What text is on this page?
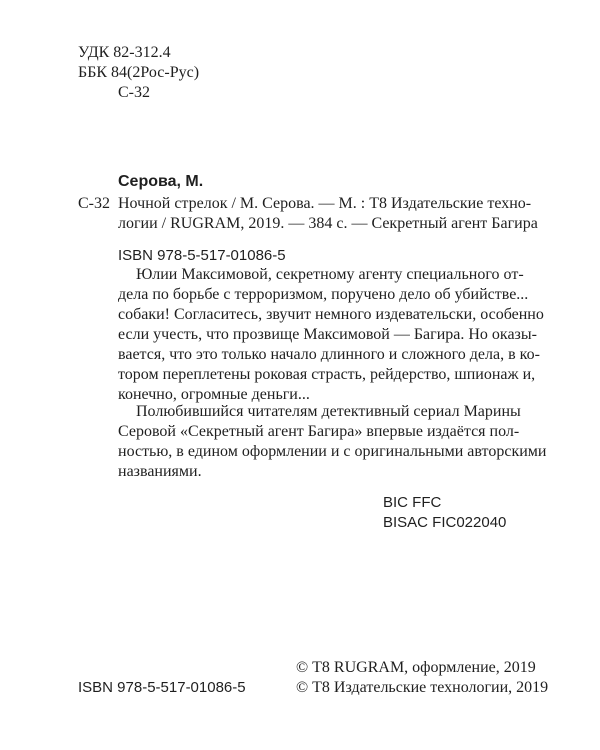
УДК 82-312.4
ББК 84(2Рос-Рус)
С-32
Серова, М.
С-32 Ночной стрелок / М. Серова. — М. : Т8 Издательские техно-
логии / RUGRAM, 2019. — 384 с. — Секретный агент Багира
ISBN 978-5-517-01086-5
Юлии Максимовой, секретному агенту специального от-
дела по борьбе с терроризмом, поручено дело об убийстве...
собаки! Согласитесь, звучит немного издевательски, особенно
если учесть, что прозвище Максимовой — Багира. Но оказы-
вается, что это только начало длинного и сложного дела, в ко-
тором переплетены роковая страсть, рейдерство, шпионаж и,
конечно, огромные деньги...
Полюбившийся читателям детективный сериал Марины
Серовой «Секретный агент Багира» впервые издаётся пол-
ностью, в едином оформлении и с оригинальными авторскими
названиями.
BIC FFC
BISAC FIC022040
ISBN 978-5-517-01086-5
© Т8 RUGRAM, оформление, 2019
© Т8 Издательские технологии, 2019
